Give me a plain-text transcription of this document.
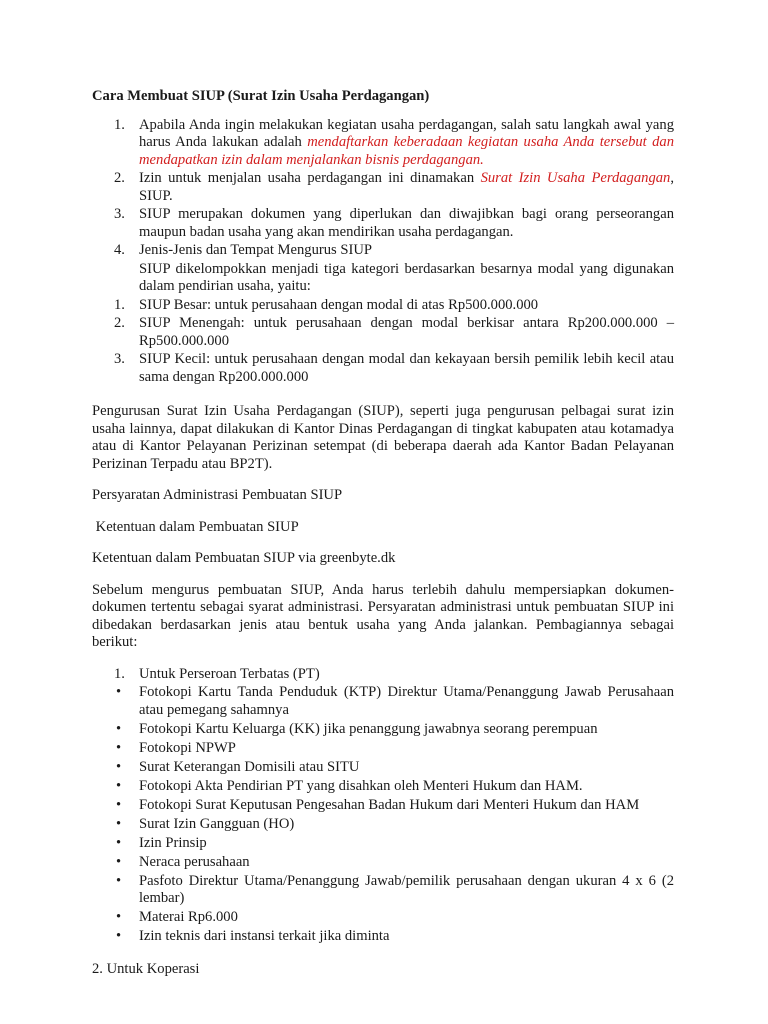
Cara Membuat SIUP (Surat Izin Usaha Perdagangan)
1. Apabila Anda ingin melakukan kegiatan usaha perdagangan, salah satu langkah awal yang harus Anda lakukan adalah mendaftarkan keberadaan kegiatan usaha Anda tersebut dan mendapatkan izin dalam menjalankan bisnis perdagangan.
2. Izin untuk menjalan usaha perdagangan ini dinamakan Surat Izin Usaha Perdagangan, SIUP.
3. SIUP merupakan dokumen yang diperlukan dan diwajibkan bagi orang perseorangan maupun badan usaha yang akan mendirikan usaha perdagangan.
4. Jenis-Jenis dan Tempat Mengurus SIUP
SIUP dikelompokkan menjadi tiga kategori berdasarkan besarnya modal yang digunakan dalam pendirian usaha, yaitu:
1. SIUP Besar: untuk perusahaan dengan modal di atas Rp500.000.000
2. SIUP Menengah: untuk perusahaan dengan modal berkisar antara Rp200.000.000 – Rp500.000.000
3. SIUP Kecil: untuk perusahaan dengan modal dan kekayaan bersih pemilik lebih kecil atau sama dengan Rp200.000.000

Pengurusan Surat Izin Usaha Perdagangan (SIUP), seperti juga pengurusan pelbagai surat izin usaha lainnya, dapat dilakukan di Kantor Dinas Perdagangan di tingkat kabupaten atau kotamadya atau di Kantor Pelayanan Perizinan setempat (di beberapa daerah ada Kantor Badan Pelayanan Perizinan Terpadu atau BP2T).

Persyaratan Administrasi Pembuatan SIUP

Ketentuan dalam Pembuatan SIUP

Ketentuan dalam Pembuatan SIUP via greenbyte.dk

Sebelum mengurus pembuatan SIUP, Anda harus terlebih dahulu mempersiapkan dokumen-dokumen tertentu sebagai syarat administrasi. Persyaratan administrasi untuk pembuatan SIUP ini dibedakan berdasarkan jenis atau bentuk usaha yang Anda jalankan. Pembagiannya sebagai berikut:

1. Untuk Perseroan Terbatas (PT)
• Fotokopi Kartu Tanda Penduduk (KTP) Direktur Utama/Penanggung Jawab Perusahaan atau pemegang sahamnya
• Fotokopi Kartu Keluarga (KK) jika penanggung jawabnya seorang perempuan
• Fotokopi NPWP
• Surat Keterangan Domisili atau SITU
• Fotokopi Akta Pendirian PT yang disahkan oleh Menteri Hukum dan HAM.
• Fotokopi Surat Keputusan Pengesahan Badan Hukum dari Menteri Hukum dan HAM
• Surat Izin Gangguan (HO)
• Izin Prinsip
• Neraca perusahaan
• Pasfoto Direktur Utama/Penanggung Jawab/pemilik perusahaan dengan ukuran 4 x 6 (2 lembar)
• Materai Rp6.000
• Izin teknis dari instansi terkait jika diminta

2. Untuk Koperasi
